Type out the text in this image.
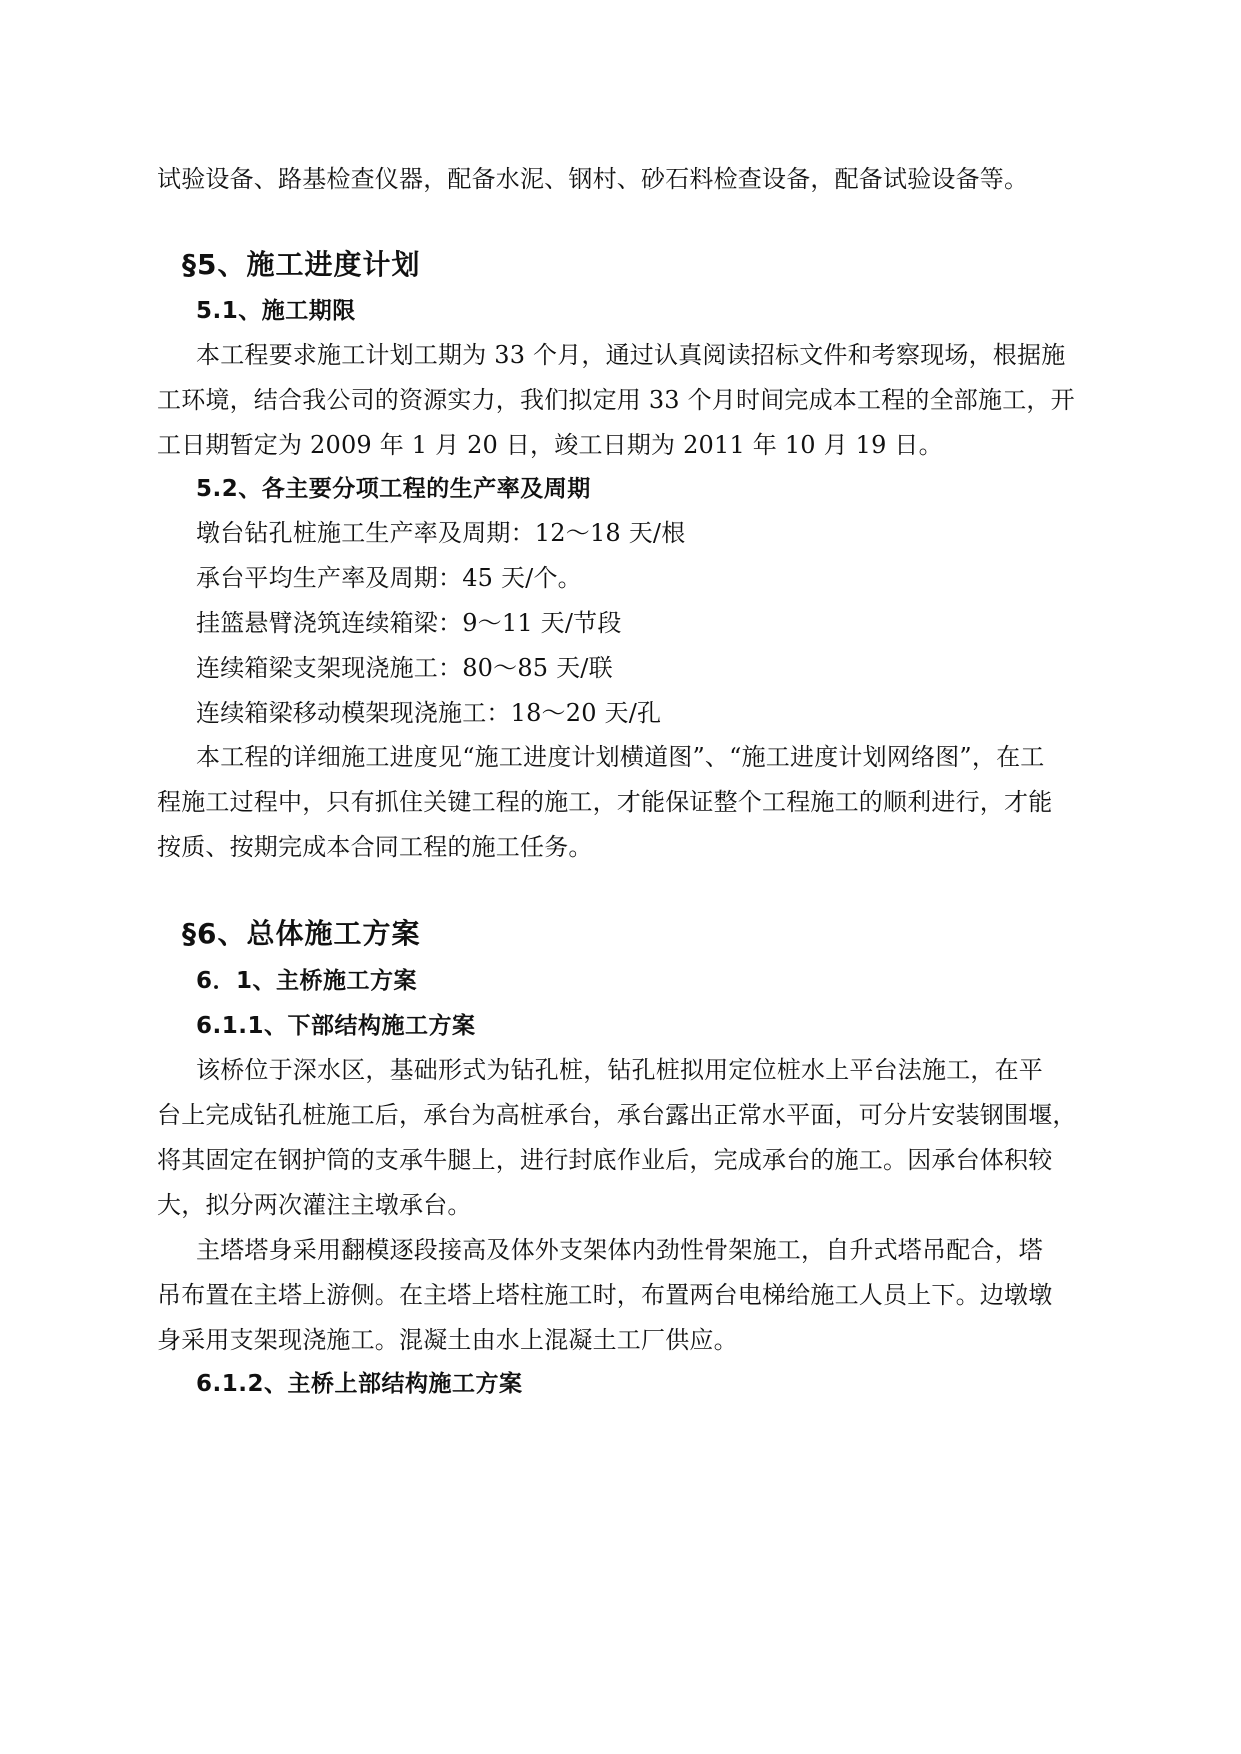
试验设备、路基检查仪器，配备水泥、钢村、砂石料检查设备，配备试验设备等。
§5、施工进度计划
5.1、施工期限
本工程要求施工计划工期为 33 个月，通过认真阅读招标文件和考察现场，根据施
工环境，结合我公司的资源实力，我们拟定用 33 个月时间完成本工程的全部施工，开
工日期暂定为 2009 年 1 月 20 日，竣工日期为 2011 年 10 月 19 日。
5.2、各主要分项工程的生产率及周期
墩台钻孔桩施工生产率及周期：12～18 天/根
承台平均生产率及周期：45 天/个。
挂篮悬臂浇筑连续箱梁：9～11 天/节段
连续箱梁支架现浇施工：80～85 天/联
连续箱梁移动模架现浇施工：18～20 天/孔
本工程的详细施工进度见“施工进度计划横道图”、“施工进度计划网络图”，在工
程施工过程中，只有抓住关键工程的施工，才能保证整个工程施工的顺利进行，才能
按质、按期完成本合同工程的施工任务。
§6、总体施工方案
6．1、主桥施工方案
6.1.1、下部结构施工方案
该桥位于深水区，基础形式为钻孔桩，钻孔桩拟用定位桩水上平台法施工，在平
台上完成钻孔桩施工后，承台为高桩承台，承台露出正常水平面，可分片安装钢围堰，
将其固定在钢护筒的支承牛腿上，进行封底作业后，完成承台的施工。因承台体积较
大，拟分两次灌注主墩承台。
主塔塔身采用翻模逐段接高及体外支架体内劲性骨架施工，自升式塔吊配合，塔
吊布置在主塔上游侧。在主塔上塔柱施工时，布置两台电梯给施工人员上下。边墩墩
身采用支架现浇施工。混凝土由水上混凝土工厂供应。
6.1.2、主桥上部结构施工方案
